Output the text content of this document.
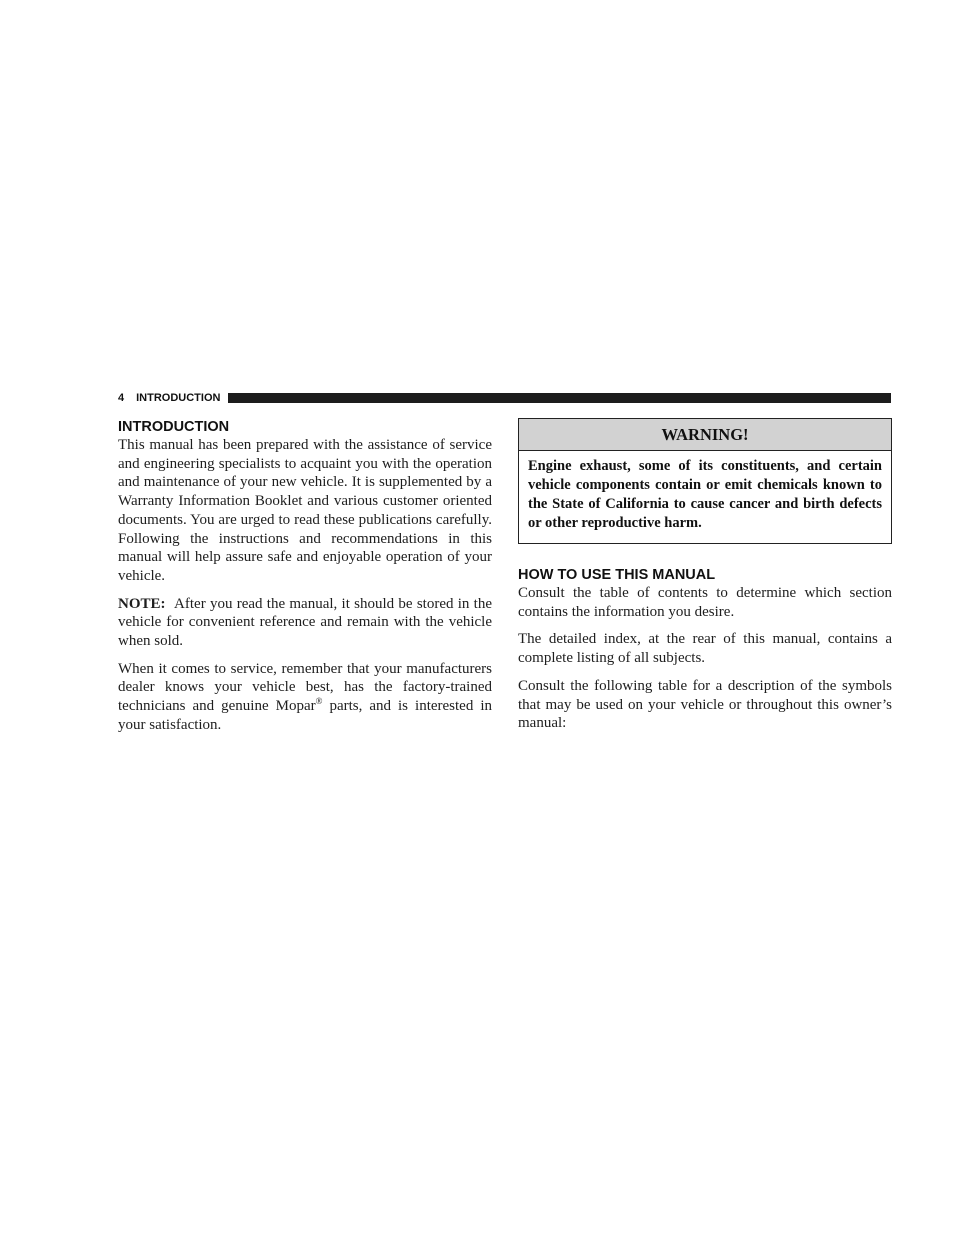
4 INTRODUCTION
INTRODUCTION

This manual has been prepared with the assistance of service and engineering specialists to acquaint you with the operation and maintenance of your new vehicle. It is supplemented by a Warranty Information Booklet and various customer oriented documents. You are urged to read these publications carefully. Following the instructions and recommendations in this manual will help assure safe and enjoyable operation of your vehicle.

NOTE: After you read the manual, it should be stored in the vehicle for convenient reference and remain with the vehicle when sold.

When it comes to service, remember that your manufacturers dealer knows your vehicle best, has the factory-trained technicians and genuine Mopar® parts, and is interested in your satisfaction.

WARNING!
Engine exhaust, some of its constituents, and certain vehicle components contain or emit chemicals known to the State of California to cause cancer and birth defects or other reproductive harm.
HOW TO USE THIS MANUAL

Consult the table of contents to determine which section contains the information you desire.

The detailed index, at the rear of this manual, contains a complete listing of all subjects.

Consult the following table for a description of the symbols that may be used on your vehicle or throughout this owner’s manual:
